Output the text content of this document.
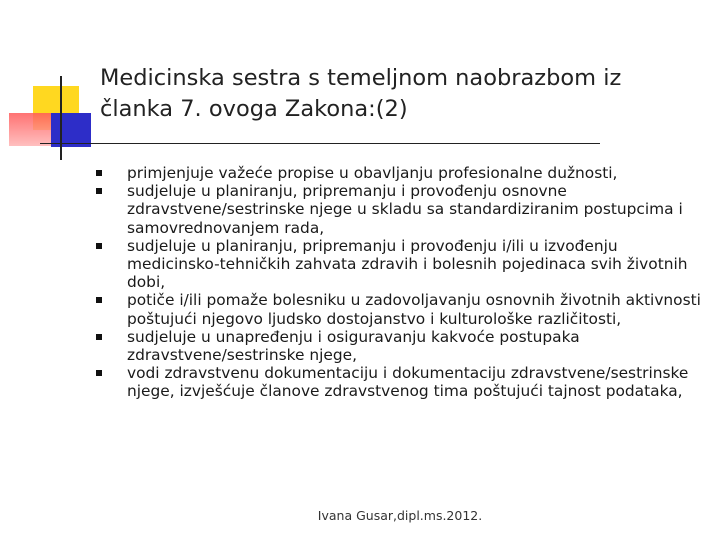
Medicinska sestra s temeljnom naobrazbom iz članka 7. ovoga Zakona:(2)
primjenjuje važeće propise u obavljanju profesionalne dužnosti,
sudjeluje u planiranju, pripremanju i provođenju osnovne zdravstvene/sestrinske njege u skladu sa standardiziranim postupcima i samovrednovanjem rada,
sudjeluje u planiranju, pripremanju i provođenju i/ili u izvođenju medicinsko-tehničkih zahvata zdravih i bolesnih pojedinaca svih životnih dobi,
potiče i/ili pomaže bolesniku u zadovoljavanju osnovnih životnih aktivnosti poštujući njegovo ljudsko dostojanstvo i kulturološke različitosti,
sudjeluje u unapređenju i osiguravanju kakvoće postupaka zdravstvene/sestrinske njege,
vodi zdravstvenu dokumentaciju i dokumentaciju zdravstvene/sestrinske njege, izvješćuje članove zdravstvenog tima poštujući tajnost podataka,
Ivana Gusar,dipl.ms.2012.
